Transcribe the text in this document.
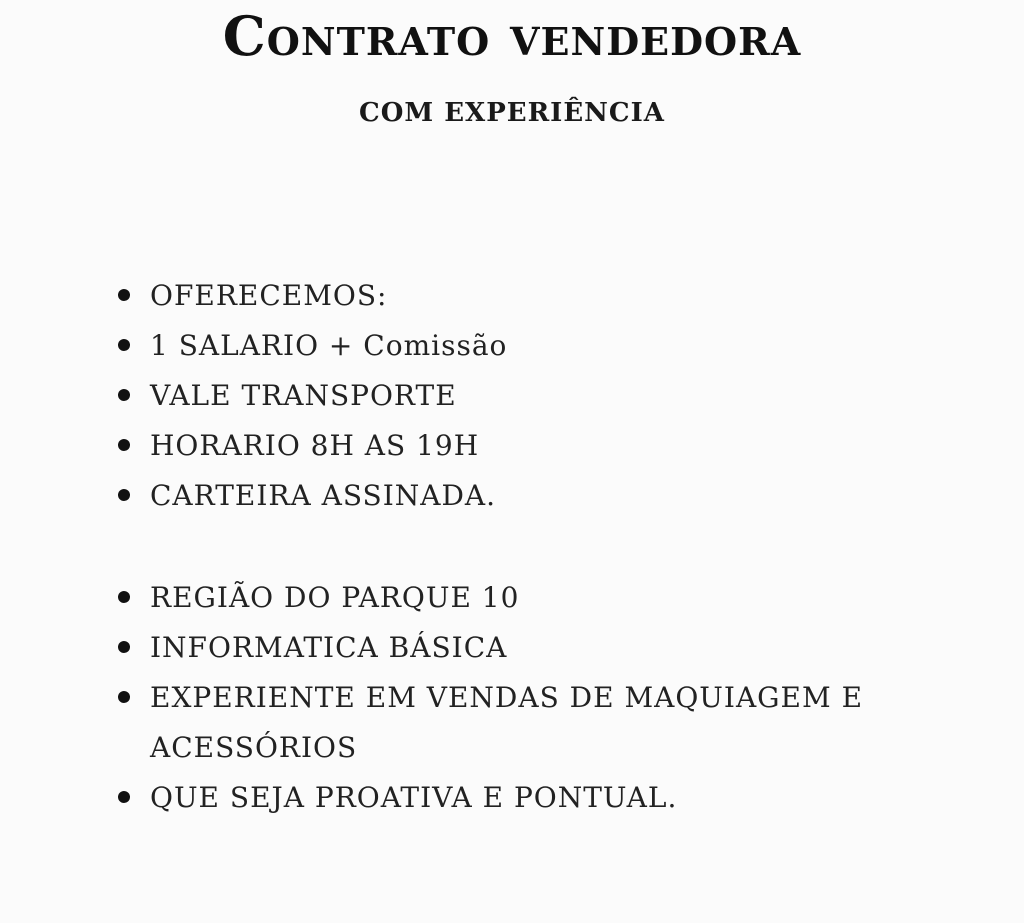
Contrato vendedora
COM EXPERIÊNCIA
OFERECEMOS:
1 SALARIO + Comissão
VALE TRANSPORTE
HORARIO 8H AS 19H
CARTEIRA ASSINADA.
REGIÃO DO PARQUE 10
INFORMATICA BÁSICA
EXPERIENTE EM VENDAS DE MAQUIAGEM E
ACESSÓRIOS
QUE SEJA PROATIVA E PONTUAL.
